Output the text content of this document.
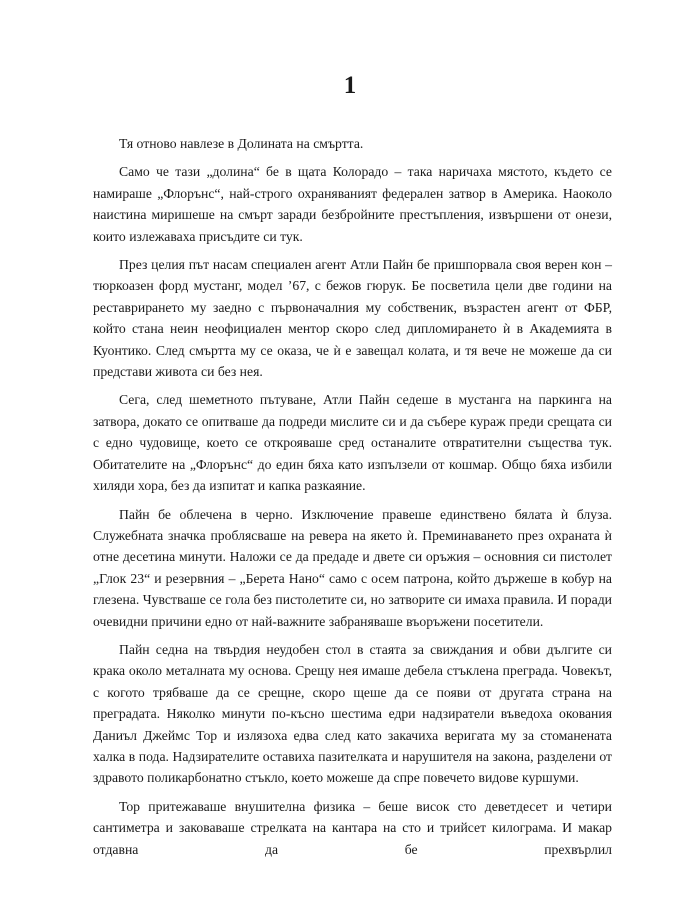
1

Тя отново навлезе в Долината на смъртта.

Само че тази „долина“ бе в щата Колорадо – така наричаха мястото, където се намираше „Флорънс“, най-строго охраняваният федерален затвор в Америка. Наоколо наистина миришеше на смърт заради безбройните престъпления, извършени от онези, които излежаваха присъдите си тук.

През целия път насам специален агент Атли Пайн бе пришпорвала своя верен кон – тюркоазен форд мустанг, модел ’67, с бежов гюрук. Бе посветила цели две години на реставрирането му заедно с първоначалния му собственик, възрастен агент от ФБР, който стана неин неофициален ментор скоро след дипломирането ѝ в Академията в Куонтико. След смъртта му се оказа, че ѝ е завещал колата, и тя вече не можеше да си представи живота си без нея.

Сега, след шеметното пътуване, Атли Пайн седеше в мустанга на паркинга на затвора, докато се опитваше да подреди мислите си и да събере кураж преди срещата си с едно чудовище, което се открояваше сред останалите отвратителни същества тук. Обитателите на „Флорънс“ до един бяха като изпълзели от кошмар. Общо бяха избили хиляди хора, без да изпитат и капка разкаяние.

Пайн бе облечена в черно. Изключение правеше единствено бялата ѝ блуза. Служебната значка проблясваше на ревера на якето ѝ. Преминаването през охраната ѝ отне десетина минути. Наложи се да предаде и двете си оръжия – основния си пистолет „Глок 23“ и резервния – „Берета Нано“ само с осем патрона, който държеше в кобур на глезена. Чувстваше се гола без пистолетите си, но затворите си имаха правила. И поради очевидни причини едно от най-важните забраняваше въоръжени посетители.

Пайн седна на твърдия неудобен стол в стаята за свиждания и обви дългите си крака около металната му основа. Срещу нея имаше дебела стъклена преграда. Човекът, с когото трябваше да се срещне, скоро щеше да се появи от другата страна на преградата. Няколко минути по-късно шестима едри надзиратели въведоха окования Даниъл Джеймс Тор и излязоха едва след като закачиха веригата му за стоманената халка в пода. Надзирателите оставиха пазителката и нарушителя на закона, разделени от здравото поликарбонатно стъкло, което можеше да спре повечето видове куршуми.

Тор притежаваше внушителна физика – беше висок сто деветдесет и четири сантиметра и заковаваше стрелката на кантара на сто и трийсет килограма. И макар отдавна да бе прехвърлил
